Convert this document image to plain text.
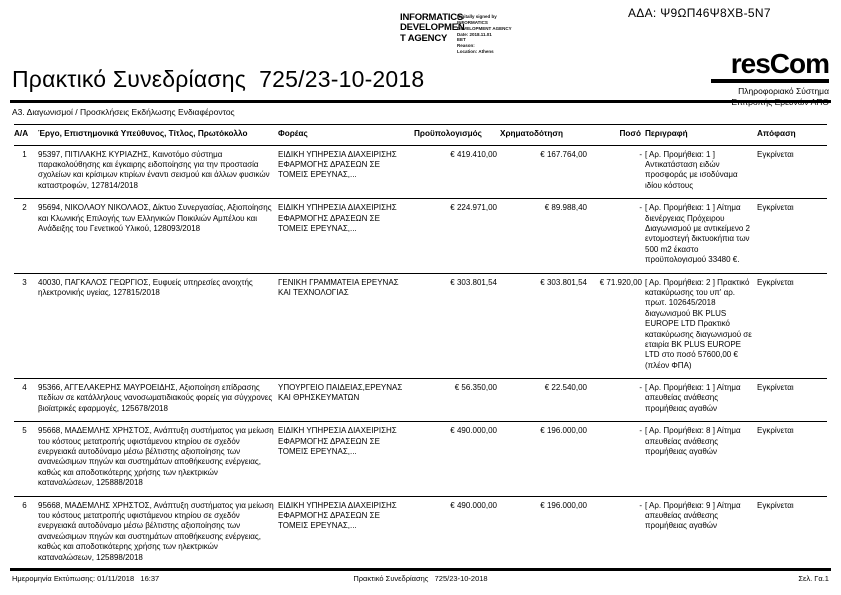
ΑΔΑ: Ψ9ΩΠ46Ψ8ΧΒ-5Ν7
INFORMATICS
DEVELOPMEN
T AGENCY
Digitally signed by
INFORMATICS
DEVELOPMENT AGENCY
Date: 2018.11.01
EET
Reason:
Location: Athens
Πρακτικό Συνεδρίασης  725/23-10-2018	resCom
Πληροφοριακό Σύστημα
Α3. Διαγωνισμοί / Προσκλήσεις Εκδήλωσης Ενδιαφέροντος
Α/Α	Έργο, Επιστημονικά Υπεύθυνος, Τίτλος, Πρωτόκολλο	Φορέας	Προϋπολογισμός	Χρηματοδότηση	Ποσό	Περιγραφή	Απόφαση
1	95397, ΠΙΤΙΛΑΚΗΣ ΚΥΡΙΑΖΗΣ, Καινοτόμο σύστημα παρακολούθησης και έγκαιρης ειδοποίησης για την προστασία σχολείων και κρίσιμων κτιρίων έναντι σεισμού και άλλων φυσικών καταστροφών, 127814/2018	ΕΙΔΙΚΗ ΥΠΗΡΕΣΙΑ ΔΙΑΧΕΙΡΙΣΗΣ ΕΦΑΡΜΟΓΗΣ ΔΡΑΣΕΩΝ ΣΕ ΤΟΜΕΙΣ ΕΡΕΥΝΑΣ,...	€ 419.410,00	€ 167.764,00	-	[ Αρ. Προμήθεια: 1 ] Αντικατάσταση ειδών προσφοράς με ισοδύναμα ιδίου κόστους	Εγκρίνεται
2	95694, ΝΙΚΟΛΑΟΥ ΝΙΚΟΛΑΟΣ, Δίκτυο Συνεργασίας, Αξιοποίησης και Κλωνικής Επιλογής των Ελληνικών Ποικιλιών Αμπέλου και Ανάδειξης του Γενετικού Υλικού, 128093/2018	ΕΙΔΙΚΗ ΥΠΗΡΕΣΙΑ ΔΙΑΧΕΙΡΙΣΗΣ ΕΦΑΡΜΟΓΗΣ ΔΡΑΣΕΩΝ ΣΕ ΤΟΜΕΙΣ ΕΡΕΥΝΑΣ,...	€ 224.971,00	€ 89.988,40	-	[ Αρ. Προμήθεια: 1 ] Αίτημα διενέργειας Πρόχειρου Διαγωνισμού με αντικείμενο 2 εντομοστεγή δικτυοκήπια των 500 m2 έκαστο προϋπολογισμού 33480 €.	Εγκρίνεται
3	40030, ΠΑΓΚΑΛΟΣ ΓΕΩΡΓΙΟΣ, Ευφυείς υπηρεσίες ανοιχτής ηλεκτρονικής υγείας, 127815/2018	ΓΕΝΙΚΗ ΓΡΑΜΜΑΤΕΙΑ ΕΡΕΥΝΑΣ ΚΑΙ ΤΕΧΝΟΛΟΓΙΑΣ	€ 303.801,54	€ 303.801,54	€ 71.920,00	[ Αρ. Προμήθεια: 2 ] Πρακτικό κατακύρωσης του υπ' αρ. πρωτ. 102645/2018 διαγωνισμού BK PLUS EUROPE LTD Πρακτικό κατακύρωσης διαγωνισμού σε εταιρία BK PLUS EUROPE LTD στο ποσό 57600,00 € (πλέον ΦΠΑ)	Εγκρίνεται
4	95366, ΑΓΓΕΛΑΚΕΡΗΣ ΜΑΥΡΟΕΙΔΗΣ, Αξιοποίηση επίδρασης πεδίων σε κατάλληλους νανοσωματιδιακούς φορείς για σύγχρονες βιοϊατρικές εφαρμογές, 125678/2018	ΥΠΟΥΡΓΕΙΟ ΠΑΙΔΕΙΑΣ,ΕΡΕΥΝΑΣ ΚΑΙ ΘΡΗΣΚΕΥΜΑΤΩΝ	€ 56.350,00	€ 22.540,00	-	[ Αρ. Προμήθεια: 1 ] Αίτημα απευθείας ανάθεσης προμήθειας αγαθών	Εγκρίνεται
5	95668, ΜΑΔΕΜΛΗΣ ΧΡΗΣΤΟΣ, Ανάπτυξη συστήματος για μείωση του κόστους μετατροπής υφιστάμενου κτηρίου σε σχεδόν ενεργειακά αυτοδύναμο μέσω βέλτιστης αξιοποίησης των ανανεώσιμων πηγών και συστημάτων αποθήκευσης ενέργειας, καθώς και αποδοτικότερης χρήσης των ηλεκτρικών καταναλώσεων, 125888/2018	ΕΙΔΙΚΗ ΥΠΗΡΕΣΙΑ ΔΙΑΧΕΙΡΙΣΗΣ ΕΦΑΡΜΟΓΗΣ ΔΡΑΣΕΩΝ ΣΕ ΤΟΜΕΙΣ ΕΡΕΥΝΑΣ,...	€ 490.000,00	€ 196.000,00	-	[ Αρ. Προμήθεια: 8 ] Αίτημα απευθείας ανάθεσης προμήθειας αγαθών	Εγκρίνεται
6	95668, ΜΑΔΕΜΛΗΣ ΧΡΗΣΤΟΣ, Ανάπτυξη συστήματος για μείωση του κόστους μετατροπής υφιστάμενου κτηρίου σε σχεδόν ενεργειακά αυτοδύναμο μέσω βέλτιστης αξιοποίησης των ανανεώσιμων πηγών και συστημάτων αποθήκευσης ενέργειας, καθώς και αποδοτικότερης χρήσης των ηλεκτρικών καταναλώσεων, 125898/2018	ΕΙΔΙΚΗ ΥΠΗΡΕΣΙΑ ΔΙΑΧΕΙΡΙΣΗΣ ΕΦΑΡΜΟΓΗΣ ΔΡΑΣΕΩΝ ΣΕ ΤΟΜΕΙΣ ΕΡΕΥΝΑΣ,...	€ 490.000,00	€ 196.000,00	-	[ Αρ. Προμήθεια: 9 ] Αίτημα απευθείας ανάθεσης προμήθειας αγαθών	Εγκρίνεται
Ημερομηνία Εκτύπωσης: 01/11/2018   16:37	Πρακτικό Συνεδρίασης   725/23-10-2018	Σελ. Γα.1
